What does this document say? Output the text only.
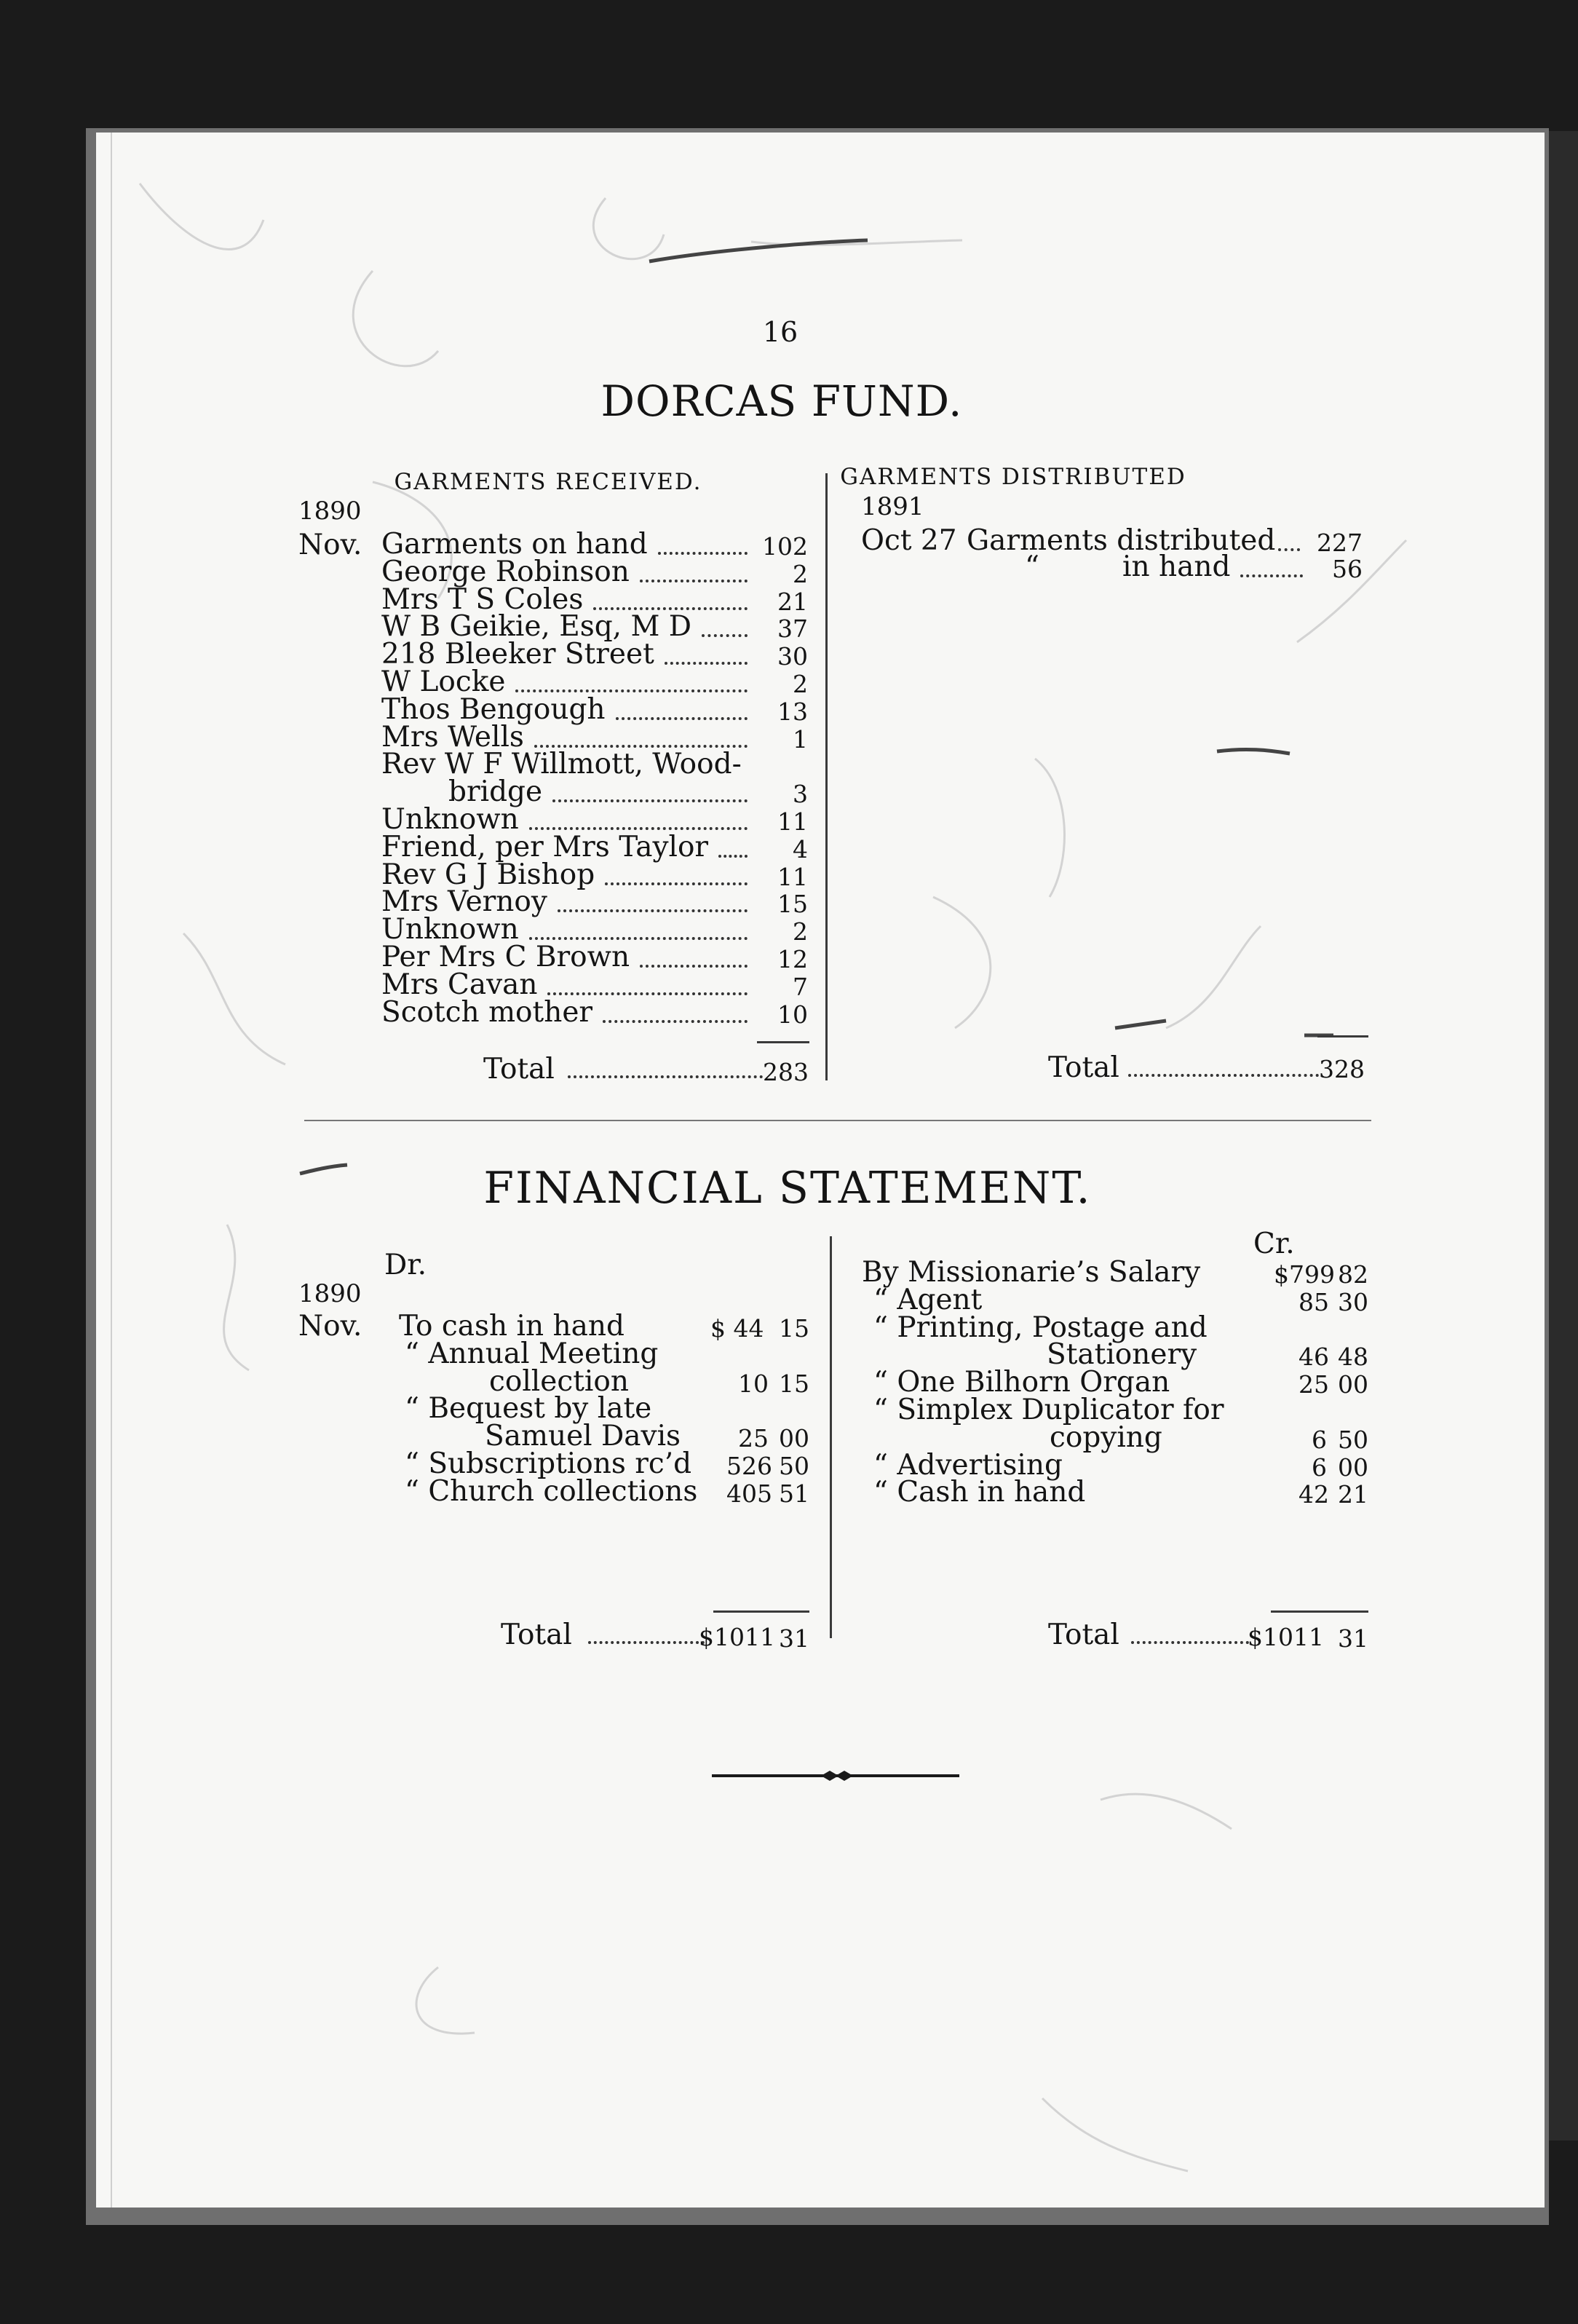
16
DORCAS FUND.
GARMENTS RECEIVED.	GARMENTS DISTRIBUTED
1890	1891
Nov.	Oct 27
Garments on hand	102
George Robinson	2
Mrs T S Coles	21
W B Geikie, Esq, M D	37
218 Bleeker Street	30
W Locke	2
Thos Bengough	13
Mrs Wells	1
Rev W F Willmott, Wood-
bridge	3
Unknown	11
Friend, per Mrs Taylor	4
Rev G J Bishop	11
Mrs Vernoy	15
Unknown	2
Per Mrs C Brown	12
Mrs Cavan	7
Scotch mother	10
Garments distributed	227
“	in hand	56
Total	283	Total	328
FINANCIAL STATEMENT.
Dr.
Cr.
1890
Nov. To cash in hand	$ 44 15
“ Annual Meeting
collection	10 15
“ Bequest by late
Samuel Davis 25 00
“ Subscriptions rc’d 526 50
“ Church collections 405 51
By Missionarie’s Salary	$799 82
“ Agent	85 30
“ Printing, Postage and
Stationery	46 48
“ One Bilhorn Organ	25 00
“ Simplex Duplicator for
copying	6 50
“ Advertising	6 00
“ Cash in hand	42 21
Total	$1011 31	Total	$1011 31
